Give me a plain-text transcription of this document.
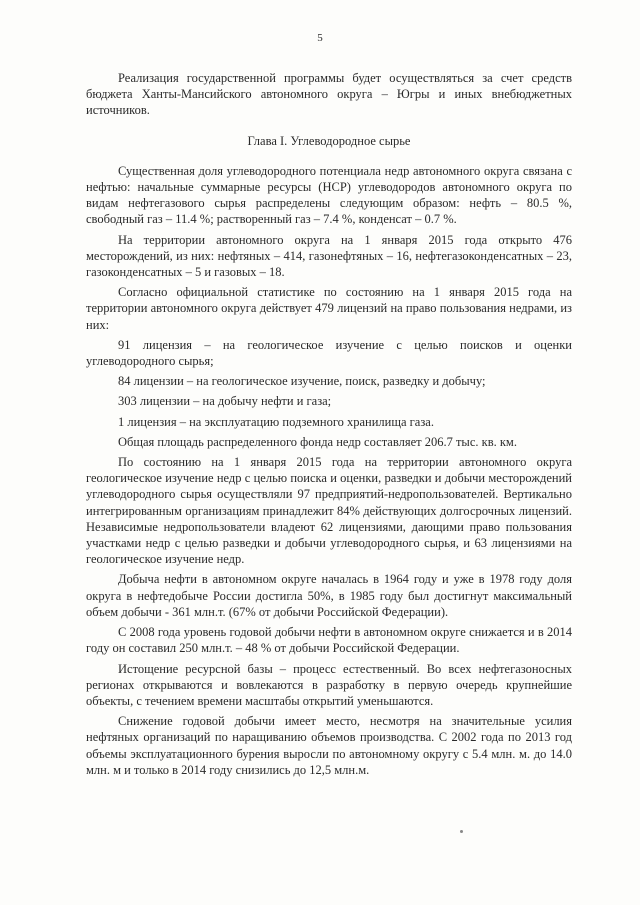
5

Реализация государственной программы будет осуществляться за счет средств бюджета Ханты-Мансийского автономного округа – Югры и иных внебюджетных источников.

Глава I. Углеводородное сырье

Существенная доля углеводородного потенциала недр автономного округа связана с нефтью: начальные суммарные ресурсы (НСР) углеводородов автономного округа по видам нефтегазового сырья распределены следующим образом: нефть – 80.5 %, свободный газ – 11.4 %; растворенный газ – 7.4 %, конденсат – 0.7 %.

На территории автономного округа на 1 января 2015 года открыто 476 месторождений, из них: нефтяных – 414, газонефтяных – 16, нефтегазоконденсатных – 23, газоконденсатных – 5 и газовых – 18.

Согласно официальной статистике по состоянию на 1 января 2015 года на территории автономного округа действует 479 лицензий на право пользования недрами, из них:

91 лицензия – на геологическое изучение с целью поисков и оценки углеводородного сырья;

84 лицензии – на геологическое изучение, поиск, разведку и добычу;

303 лицензии – на добычу нефти и газа;

1 лицензия – на эксплуатацию подземного хранилища газа.

Общая площадь распределенного фонда недр составляет 206.7 тыс. кв. км.

По состоянию на 1 января 2015 года на территории автономного округа геологическое изучение недр с целью поиска и оценки, разведки и добычи месторождений углеводородного сырья осуществляли 97 предприятий-недропользователей. Вертикально интегрированным организациям принадлежит 84% действующих долгосрочных лицензий. Независимые недропользователи владеют 62 лицензиями, дающими право пользования участками недр с целью разведки и добычи углеводородного сырья, и 63 лицензиями на геологическое изучение недр.

Добыча нефти в автономном округе началась в 1964 году и уже в 1978 году доля округа в нефтедобыче России достигла 50%, в 1985 году был достигнут максимальный объем добычи - 361 млн.т. (67% от добычи Российской Федерации).

С 2008 года уровень годовой добычи нефти в автономном округе снижается и в 2014 году он составил 250 млн.т. – 48 % от добычи Российской Федерации.

Истощение ресурсной базы – процесс естественный. Во всех нефтегазоносных регионах открываются и вовлекаются в разработку в первую очередь крупнейшие объекты, с течением времени масштабы открытий уменьшаются.

Снижение годовой добычи имеет место, несмотря на значительные усилия нефтяных организаций по наращиванию объемов производства. С 2002 года по 2013 год объемы эксплуатационного бурения выросли по автономному округу с 5.4 млн. м. до 14.0 млн. м и только в 2014 году снизились до 12,5 млн.м.
